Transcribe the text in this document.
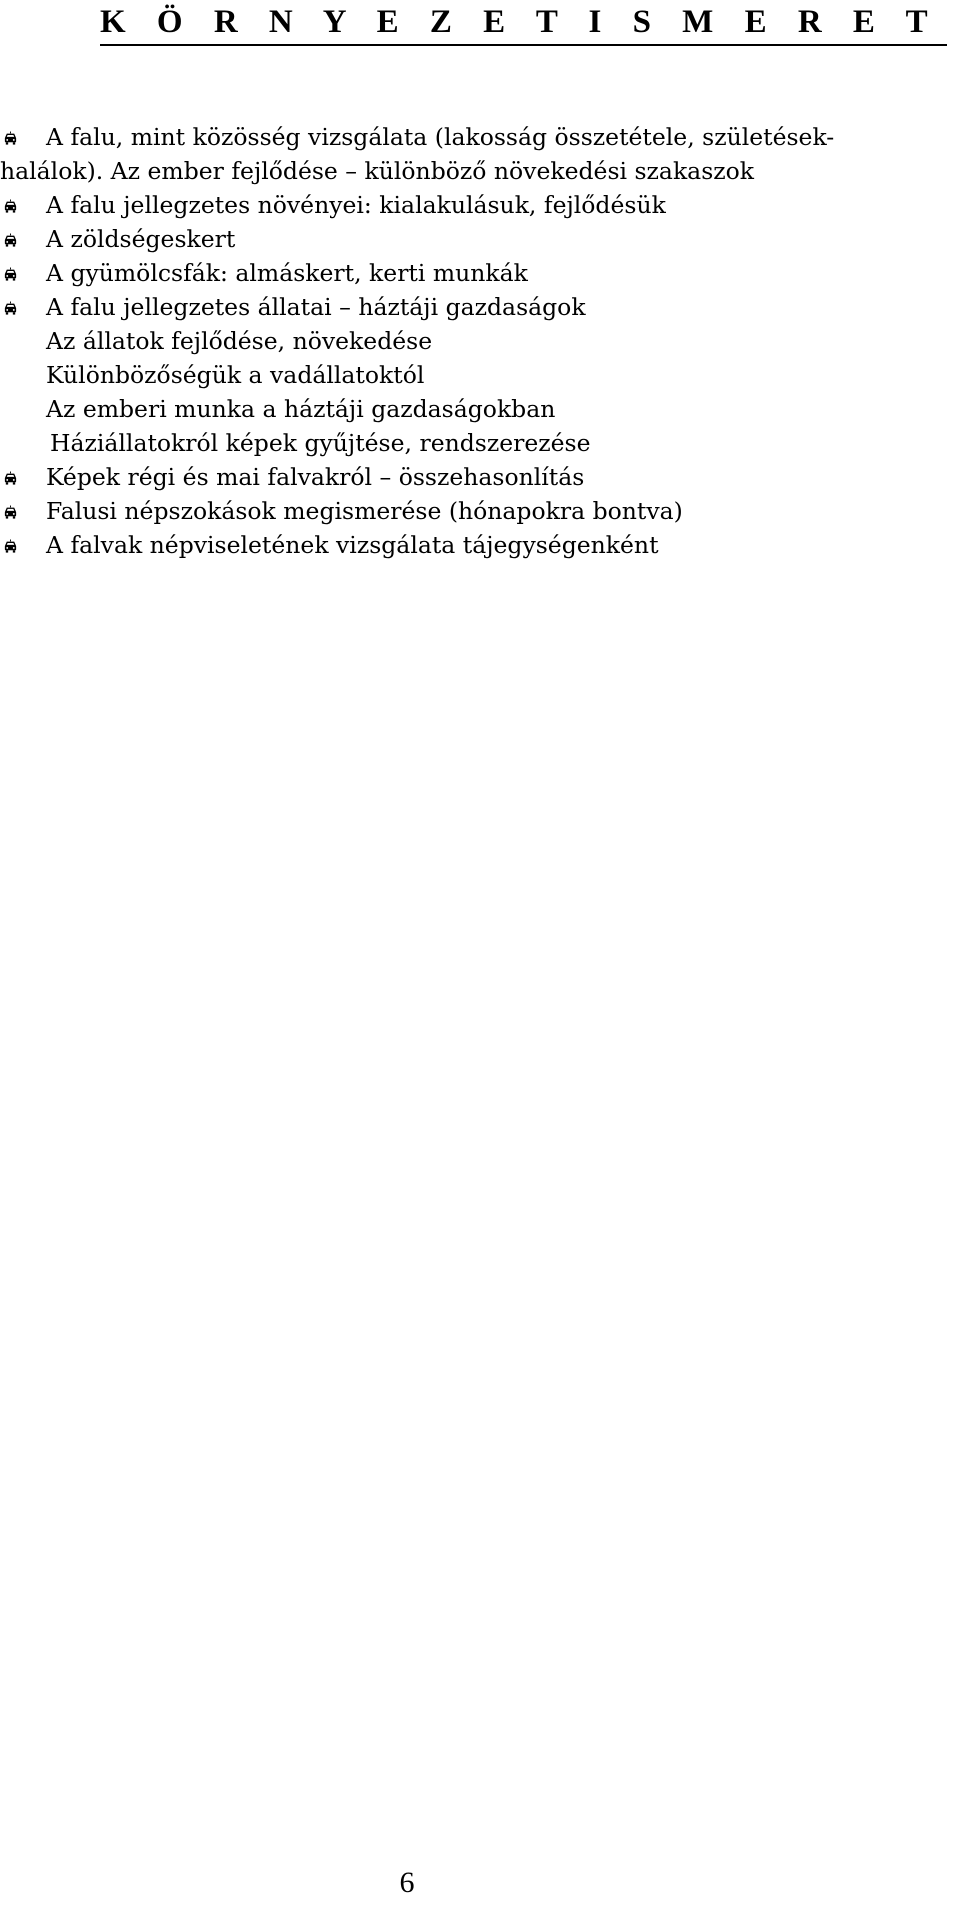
K Ö R N Y E Z E T I S M E R E T
A falu, mint közösség vizsgálata (lakosság összetétele, születések-
halálok). Az ember fejlődése – különböző növekedési szakaszok
A falu jellegzetes növényei: kialakulásuk, fejlődésük
A zöldségeskert
A gyümölcsfák: almáskert, kerti munkák
A falu jellegzetes állatai – háztáji gazdaságok
Az állatok fejlődése, növekedése
Különbözőségük a vadállatoktól
Az emberi munka a háztáji gazdaságokban
Háziállatokról képek gyűjtése, rendszerezése
Képek régi és mai falvakról – összehasonlítás
Falusi népszokások megismerése (hónapokra bontva)
A falvak népviseletének vizsgálata tájegységenként
6
